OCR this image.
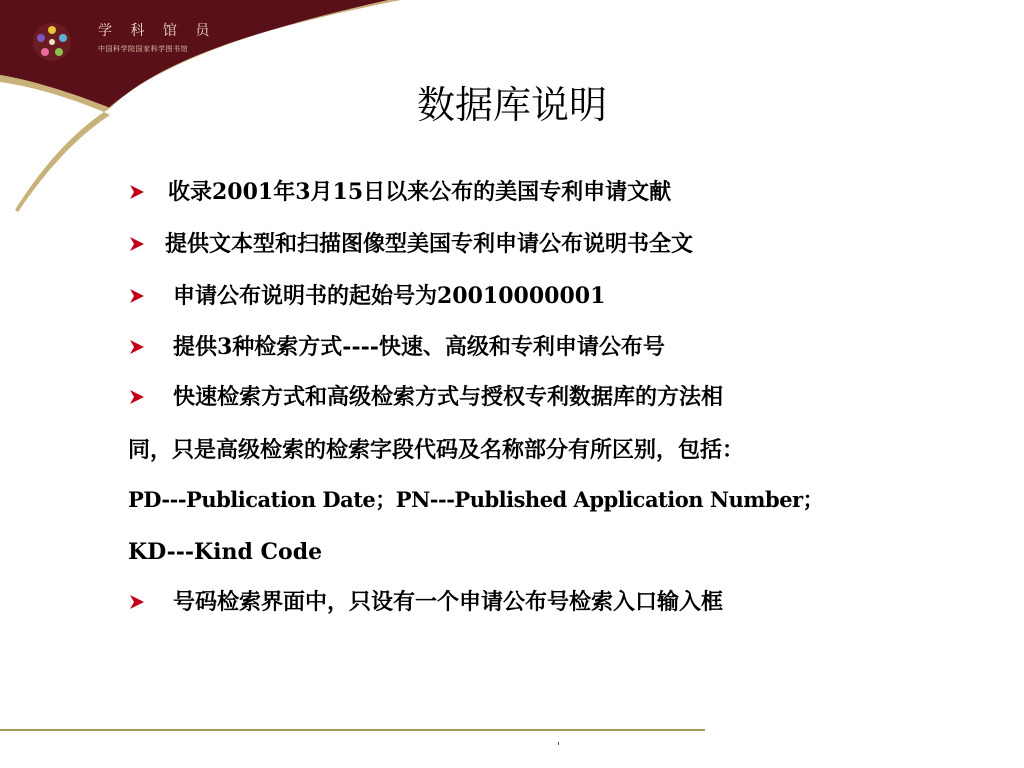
学 科 馆 员
中国科学院国家科学图书馆
数据库说明
收录2001年3月15日以来公布的美国专利申请文献
提供文本型和扫描图像型美国专利申请公布说明书全文
申请公布说明书的起始号为20010000001
提供3种检索方式----快速、高级和专利申请公布号
快速检索方式和高级检索方式与授权专利数据库的方法相
同，只是高级检索的检索字段代码及名称部分有所区别，包括：
PD---Publication Date；PN---Published Application Number；
KD---Kind Code
号码检索界面中，只设有一个申请公布号检索入口输入框
'
